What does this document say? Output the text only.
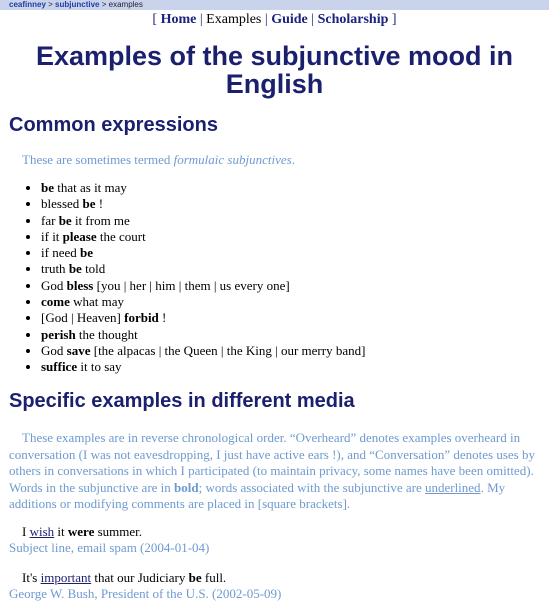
ceafinney > subjunctive > examples
[ Home | Examples | Guide | Scholarship ]
Examples of the subjunctive mood in English
Common expressions
These are sometimes termed formulaic subjunctives.
• be that as it may
• blessed be !
• far be it from me
• if it please the court
• if need be
• truth be told
• God bless [you | her | him | them | us every one]
• come what may
• [God | Heaven] forbid !
• perish the thought
• God save [the alpacas | the Queen | the King | our merry band]
• suffice it to say
Specific examples in different media
These examples are in reverse chronological order. “Overheard” denotes examples overheard in conversation (I was not eavesdropping, I just have active ears !), and “Conversation” denotes uses by others in conversations in which I participated (to maintain privacy, some names have been omitted). Words in the subjunctive are in bold; words associated with the subjunctive are underlined. My additions or modifying comments are placed in [square brackets].
I wish it were summer.
Subject line, email spam (2004-01-04)
It's important that our Judiciary be full.
George W. Bush, President of the U.S. (2002-05-09)
